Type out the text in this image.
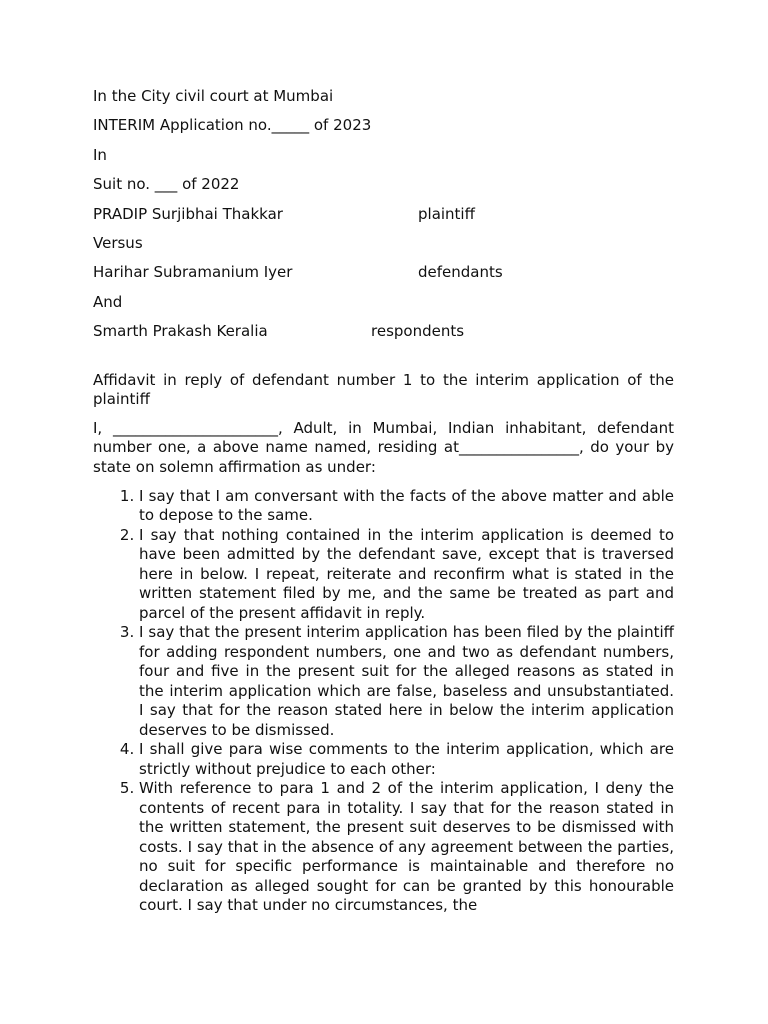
In the City civil court at Mumbai
INTERIM Application no._____ of 2023
In
Suit no. ___ of 2022
PRADIP Surjibhai Thakkar	plaintiff
Versus
Harihar Subramanium Iyer	defendants
And
Smarth Prakash Keralia	respondents

Affidavit in reply of defendant number 1 to the interim application of the plaintiff

I, ______________________, Adult, in Mumbai, Indian inhabitant, defendant number one, a above name named, residing at________________, do your by state on solemn affirmation as under:

1. I say that I am conversant with the facts of the above matter and able to depose to the same.
2. I say that nothing contained in the interim application is deemed to have been admitted by the defendant save, except that is traversed here in below. I repeat, reiterate and reconfirm what is stated in the written statement filed by me, and the same be treated as part and parcel of the present affidavit in reply.
3. I say that the present interim application has been filed by the plaintiff for adding respondent numbers, one and two as defendant numbers, four and five in the present suit for the alleged reasons as stated in the interim application which are false, baseless and unsubstantiated. I say that for the reason stated here in below the interim application deserves to be dismissed.
4. I shall give para wise comments to the interim application, which are strictly without prejudice to each other:
5. With reference to para 1 and 2 of the interim application, I deny the contents of recent para in totality. I say that for the reason stated in the written statement, the present suit deserves to be dismissed with costs. I say that in the absence of any agreement between the parties, no suit for specific performance is maintainable and therefore no declaration as alleged sought for can be granted by this honourable court. I say that under no circumstances, the
